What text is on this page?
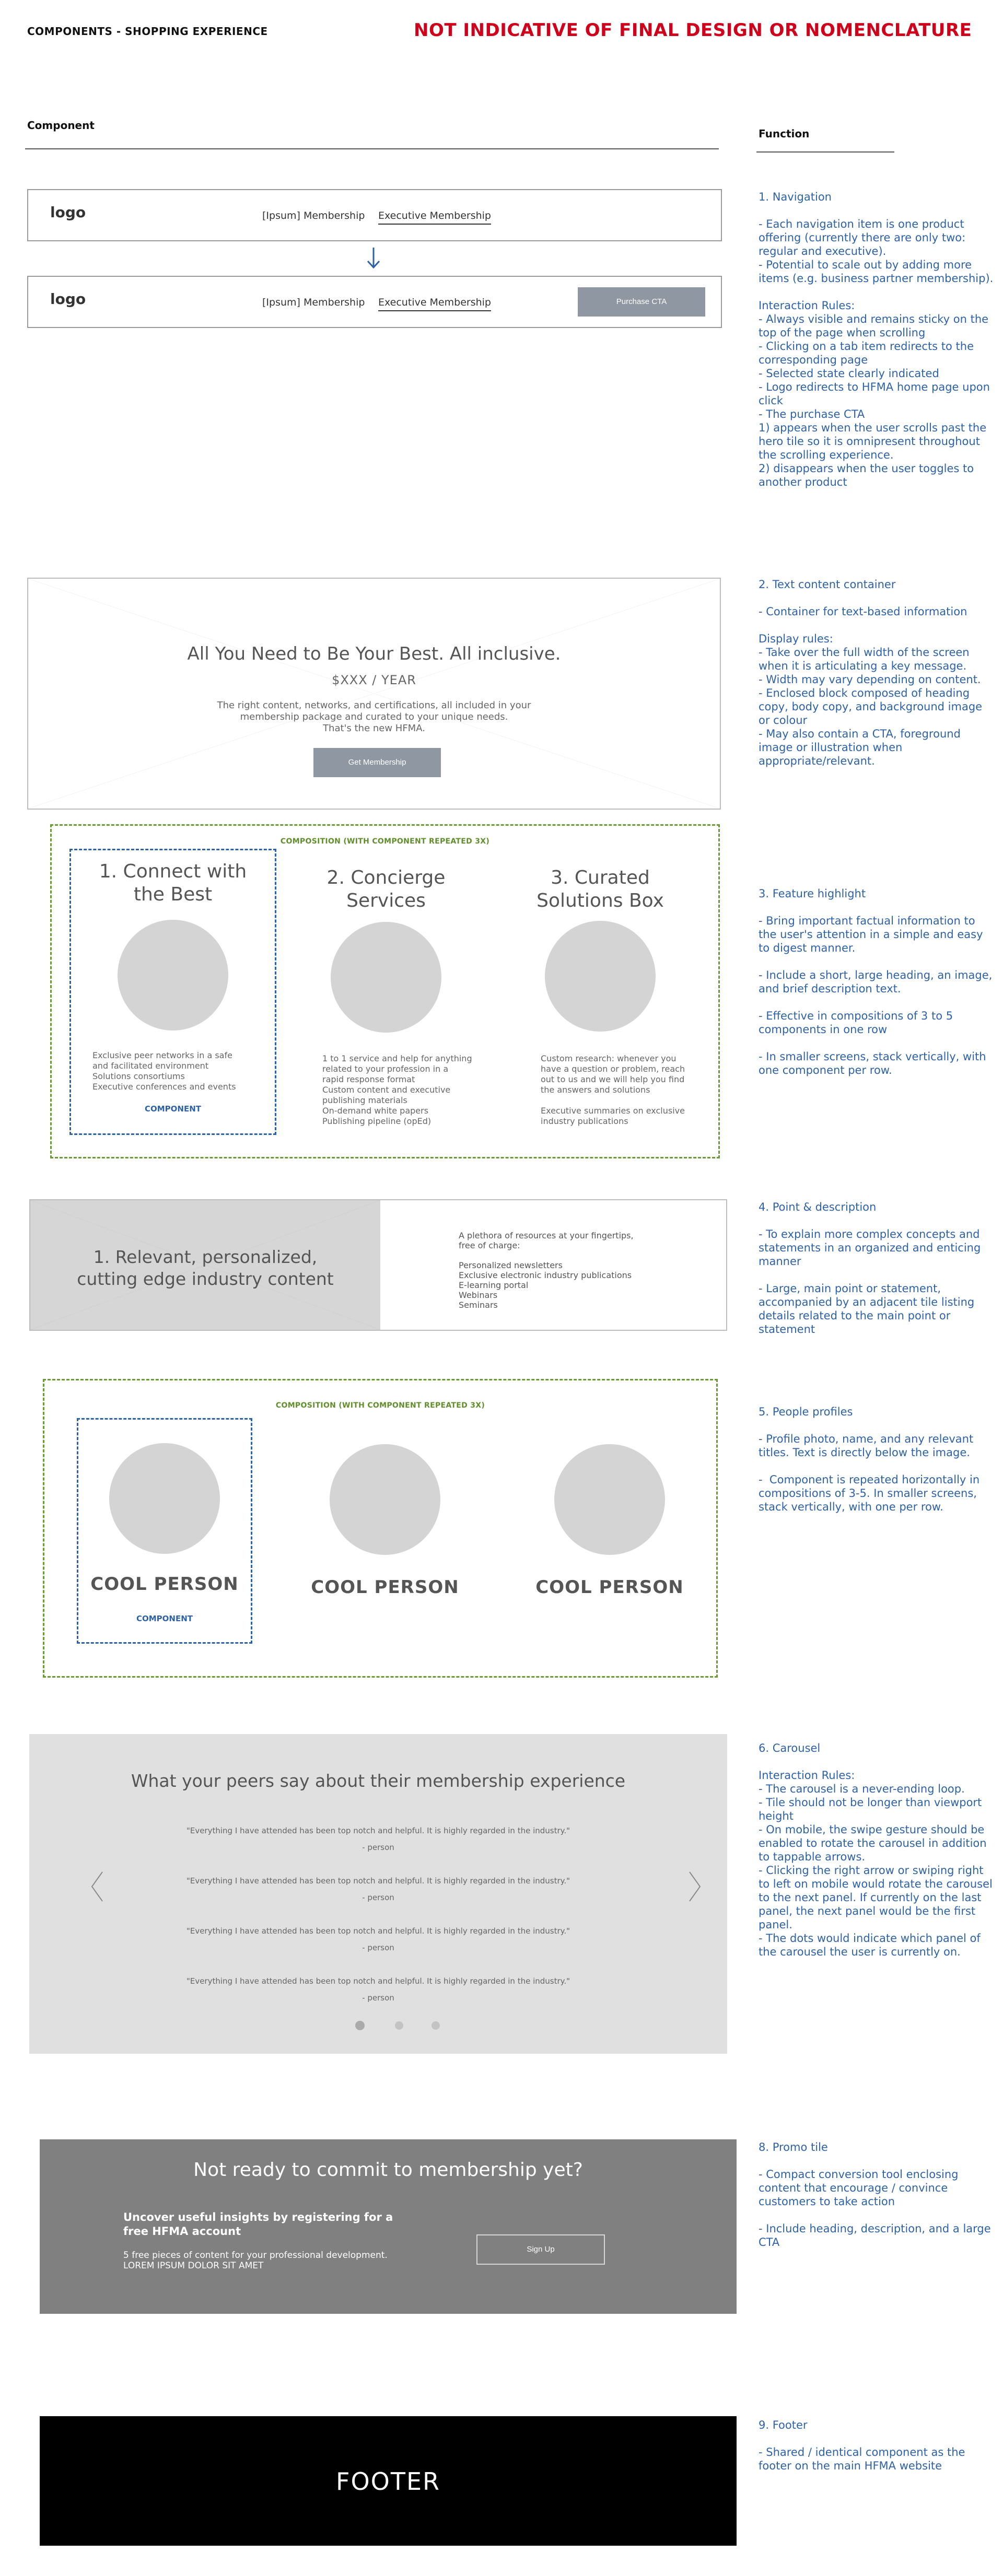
COMPONENTS - SHOPPING EXPERIENCE	NOT INDICATIVE OF FINAL DESIGN OR NOMENCLATURE
Component
Function
logo	[Ipsum] Membership Executive Membership
logo	[Ipsum] Membership Executive Membership	Purchase CTA
1. Navigation

- Each navigation item is one product offering (currently there are only two: regular and executive).
- Potential to scale out by adding more items (e.g. business partner membership).

Interaction Rules:
- Always visible and remains sticky on the top of the page when scrolling
- Clicking on a tab item redirects to the corresponding page
- Selected state clearly indicated
- Logo redirects to HFMA home page upon click
- The purchase CTA
1) appears when the user scrolls past the hero tile so it is omnipresent throughout the scrolling experience.
2) disappears when the user toggles to another product
All You Need to Be Your Best. All inclusive.
$XXX / YEAR
The right content, networks, and certifications, all included in your
membership package and curated to your unique needs.
That's the new HFMA.
Get Membership
2. Text content container

- Container for text-based information

Display rules:
- Take over the full width of the screen when it is articulating a key message.
- Width may vary depending on content.
- Enclosed block composed of heading copy, body copy, and background image or colour
- May also contain a CTA, foreground image or illustration when appropriate/relevant.
COMPOSITION (WITH COMPONENT REPEATED 3X)
COMPONENT
1. Connect with
the Best
Exclusive peer networks in a safe
and facilitated environment
Solutions consortiums
Executive conferences and events
2. Concierge
Services
1 to 1 service and help for anything
related to your profession in a
rapid response format
Custom content and executive
publishing materials
On-demand white papers
Publishing pipeline (opEd)
3. Curated
Solutions Box
Custom research: whenever you
have a question or problem, reach
out to us and we will help you find
the answers and solutions

Executive summaries on exclusive
industry publications
3. Feature highlight

- Bring important factual information to the user's attention in a simple and easy to digest manner.

- Include a short, large heading, an image, and brief description text.

- Effective in compositions of 3 to 5 components in one row

- In smaller screens, stack vertically, with one component per row.
1. Relevant, personalized,
cutting edge industry content
A plethora of resources at your fingertips,
free of charge:

Personalized newsletters
Exclusive electronic industry publications
E-learning portal
Webinars
Seminars
4. Point & description

- To explain more complex concepts and statements in an organized and enticing manner

- Large, main point or statement, accompanied by an adjacent tile listing details related to the main point or statement
COMPOSITION (WITH COMPONENT REPEATED 3X)
COMPONENT
COOL PERSON	COOL PERSON	COOL PERSON
5. People profiles

- Profile photo, name, and any relevant titles. Text is directly below the image.

-  Component is repeated horizontally in compositions of 3-5. In smaller screens, stack vertically, with one per row.
What your peers say about their membership experience
"Everything I have attended has been top notch and helpful. It is highly regarded in the industry."
- person
"Everything I have attended has been top notch and helpful. It is highly regarded in the industry."
- person
"Everything I have attended has been top notch and helpful. It is highly regarded in the industry."
- person
"Everything I have attended has been top notch and helpful. It is highly regarded in the industry."
- person
6. Carousel

Interaction Rules:
- The carousel is a never-ending loop.
- Tile should not be longer than viewport height
- On mobile, the swipe gesture should be enabled to rotate the carousel in addition to tappable arrows.
- Clicking the right arrow or swiping right to left on mobile would rotate the carousel to the next panel. If currently on the last panel, the next panel would be the first panel.
- The dots would indicate which panel of the carousel the user is currently on.
Not ready to commit to membership yet?
Uncover useful insights by registering for a free HFMA account
5 free pieces of content for your professional development. LOREM IPSUM DOLOR SIT AMET
Sign Up
8. Promo tile

- Compact conversion tool enclosing content that encourage / convince customers to take action

- Include heading, description, and a large CTA
FOOTER
9. Footer

- Shared / identical component as the footer on the main HFMA website
